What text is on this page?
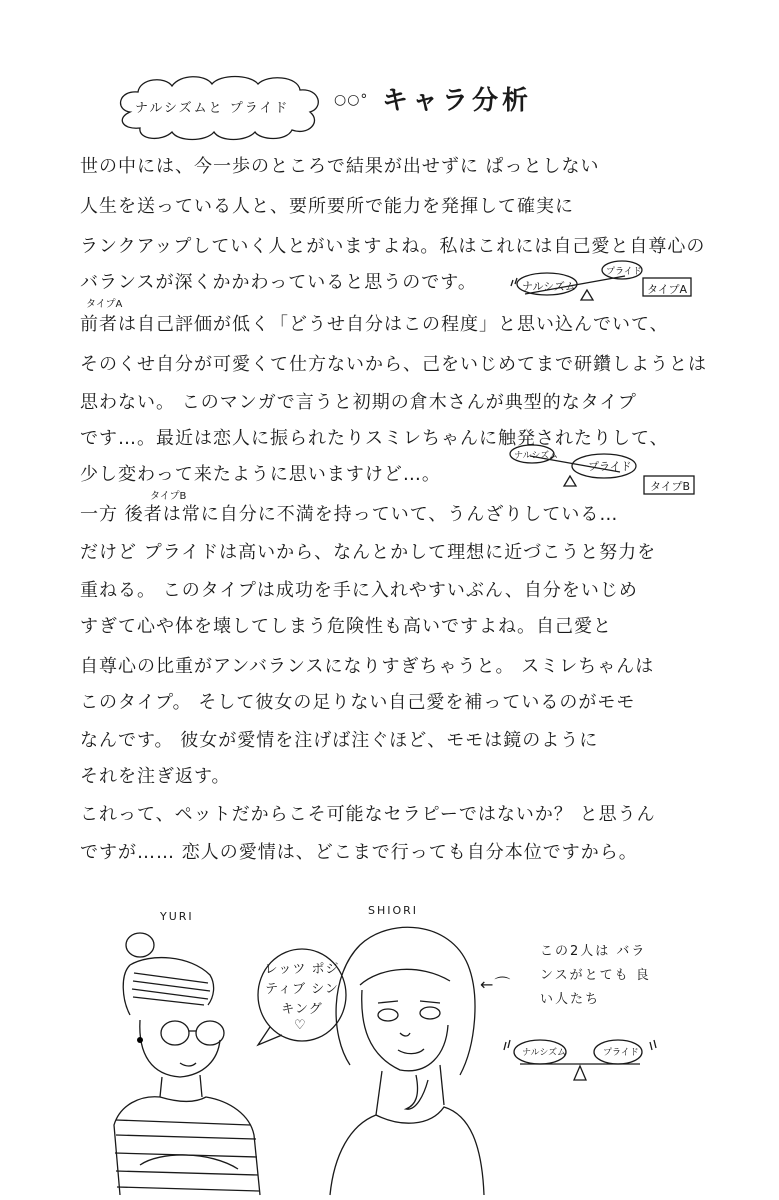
ナルシズムと プライド
○○° キャラ分析
世の中には、今一歩のところで結果が出せずに ぱっとしない
人生を送っている人と、要所要所で能力を発揮して確実に
ランクアップしていく人とがいますよね。私はこれには自己愛と自尊心の
バランスが深くかかわっていると思うのです。
タイプA
前者は自己評価が低く「どうせ自分はこの程度」と思い込んでいて、
そのくせ自分が可愛くて仕方ないから、己をいじめてまで研鑽しようとは
思わない。 このマンガで言うと初期の倉木さんが典型的なタイプ
です…。最近は恋人に振られたりスミレちゃんに触発されたりして、
少し変わって来たように思いますけど…。
タイプB
一方 後者は常に自分に不満を持っていて、うんざりしている…
だけど プライドは高いから、なんとかして理想に近づこうと努力を
重ねる。 このタイプは成功を手に入れやすいぶん、自分をいじめ
すぎて心や体を壊してしまう危険性も高いですよね。自己愛と
自尊心の比重がアンバランスになりすぎちゃうと。 スミレちゃんは
このタイプ。 そして彼女の足りない自己愛を補っているのがモモ
なんです。 彼女が愛情を注げば注ぐほど、モモは鏡のように
それを注ぎ返す。
これって、ペットだからこそ可能なセラピーではないか？ と思うん
ですが…… 恋人の愛情は、どこまで行っても自分本位ですから。
ナルシズム
プライド
タイプA
ナルシズム
プライド
タイプB
YURI	SHIORI
レッツ ポジティブ シンキング
♡
←⌒
この2人は バランスがとても 良い人たち
ナルシズム	プライド
